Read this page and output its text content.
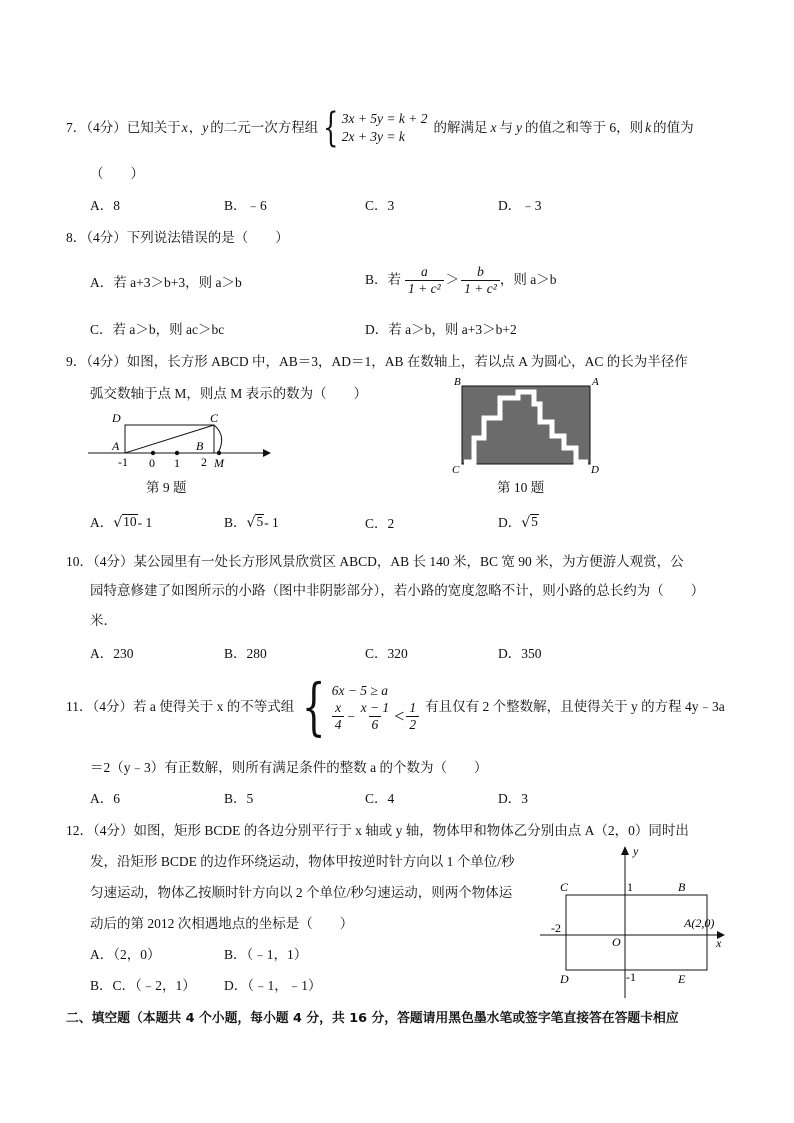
7．（4分）已知关于 x ， y 的二元一次方程组 { 3x + 5y = k + 2
2x + 3y = k
的解满足 x 与 y 的值之和等于 6，则 k 的值为
（　　）
A．8	B．﹣6	C．3	D．﹣3
8．（4分）下列说法错误的是（　　）
A．若 a+3＞b+3，则 a＞b	B．若 $\frac{a}{\text{1 + c²}} > \frac{b}{\text{1 + c²}}$ ，则 a＞b
C．若 a＞b，则 ac＞bc	D．若 a＞b，则 a+3＞b+2
9．（4分）如图，长方形 ABCD 中，AB＝3，AD＝1，AB 在数轴上，若以点 A 为圆心，AC 的长为半径作
弧交数轴于点 M，则点 M 表示的数为（　　）
D	C
A	B
-1 0 1 2 M
第 9 题
B	A
C	D
第 10 题
A． √ 10 - 1	B． √ 5 - 1	C．2	D． √ 5
10．（4分）某公园里有一处长方形风景欣赏区 ABCD，AB 长 140 米，BC 宽 90 米，为方便游人观赏，公
园特意修建了如图所示的小路（图中非阴影部分），若小路的宽度忽略不计，则小路的总长约为（　　）
米．
A．230	B．280	C．320	D．350
11．（4分）若 a 使得关于 x 的不等式组 { 6x − 5 ≥ a
$\frac{x}{4} - \frac{x - 1}{6} < \frac{1}{2}$ 有且仅有 2 个整数解，且使得关于 y 的方程 4y﹣3a
＝2（y﹣3）有正数解，则所有满足条件的整数 a 的个数为（　　）
A．6	B．5	C．4	D．3
12．（4分）如图，矩形 BCDE 的各边分别平行于 x 轴或 y 轴，物体甲和物体乙分别由点 A（2，0）同时出
发，沿矩形 BCDE 的边作环绕运动，物体甲按逆时针方向以 1 个单位/秒
匀速运动，物体乙按顺时针方向以 2 个单位/秒匀速运动，则两个物体运
动后的第 2012 次相遇地点的坐标是（　　）
A．（2，0）	B．（﹣1，1）
B．C．（﹣2，1） D．（﹣1，﹣1）
y
x
C	B
D	E
O
1
-2
-1
A(2,0)
二、填空题（本题共 4 个小题，每小题 4 分，共 16 分，答题请用黑色墨水笔或签字笔直接答在答题卡相应
